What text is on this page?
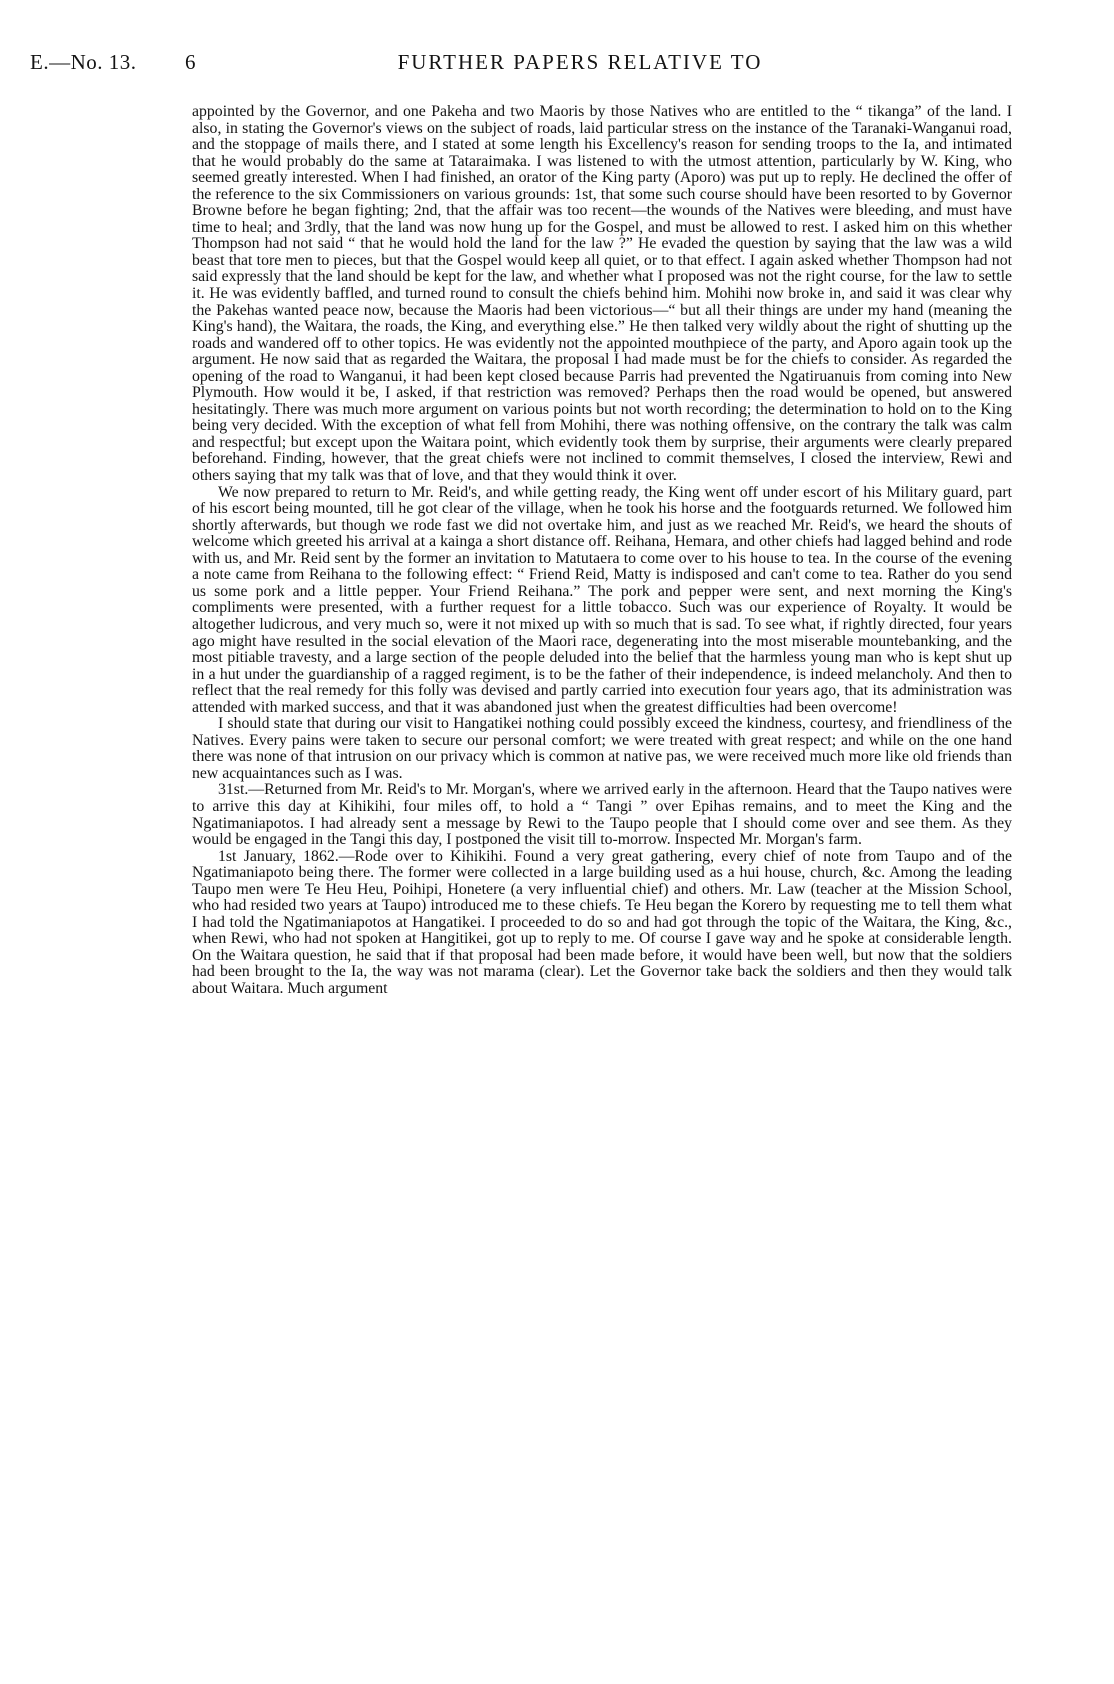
E.—No. 13. 6	FURTHER PAPERS RELATIVE TO

appointed by the Governor, and one Pakeha and two Maoris by those Natives who are entitled to the “ tikanga” of the land. I also, in stating the Governor's views on the subject of roads, laid particular stress on the instance of the Taranaki-Wanganui road, and the stoppage of mails there, and I stated at some length his Excellency's reason for sending troops to the Ia, and intimated that he would probably do the same at Tataraimaka. I was listened to with the utmost attention, particularly by W. King, who seemed greatly interested. When I had finished, an orator of the King party (Aporo) was put up to reply. He declined the offer of the reference to the six Commissioners on various grounds: 1st, that some such course should have been resorted to by Governor Browne before he began fighting; 2nd, that the affair was too recent—the wounds of the Natives were bleeding, and must have time to heal; and 3rdly, that the land was now hung up for the Gospel, and must be allowed to rest. I asked him on this whether Thompson had not said “ that he would hold the land for the law ?” He evaded the question by saying that the law was a wild beast that tore men to pieces, but that the Gospel would keep all quiet, or to that effect. I again asked whether Thompson had not said expressly that the land should be kept for the law, and whether what I proposed was not the right course, for the law to settle it. He was evidently baffled, and turned round to consult the chiefs behind him. Mohihi now broke in, and said it was clear why the Pakehas wanted peace now, because the Maoris had been victorious—“ but all their things are under my hand (meaning the King's hand), the Waitara, the roads, the King, and everything else.” He then talked very wildly about the right of shutting up the roads and wandered off to other topics. He was evidently not the appointed mouthpiece of the party, and Aporo again took up the argument. He now said that as regarded the Waitara, the proposal I had made must be for the chiefs to consider. As regarded the opening of the road to Wanganui, it had been kept closed because Parris had prevented the Ngatiruanuis from coming into New Plymouth. How would it be, I asked, if that restriction was removed? Perhaps then the road would be opened, but answered hesitatingly. There was much more argument on various points but not worth recording; the determination to hold on to the King being very decided. With the exception of what fell from Mohihi, there was nothing offensive, on the contrary the talk was calm and respectful; but except upon the Waitara point, which evidently took them by surprise, their arguments were clearly prepared beforehand. Finding, however, that the great chiefs were not inclined to commit themselves, I closed the interview, Rewi and others saying that my talk was that of love, and that they would think it over.

We now prepared to return to Mr. Reid's, and while getting ready, the King went off under escort of his Military guard, part of his escort being mounted, till he got clear of the village, when he took his horse and the footguards returned. We followed him shortly afterwards, but though we rode fast we did not overtake him, and just as we reached Mr. Reid's, we heard the shouts of welcome which greeted his arrival at a kainga a short distance off. Reihana, Hemara, and other chiefs had lagged behind and rode with us, and Mr. Reid sent by the former an invitation to Matutaera to come over to his house to tea. In the course of the evening a note came from Reihana to the following effect: “ Friend Reid, Matty is indisposed and can't come to tea. Rather do you send us some pork and a little pepper. Your Friend Reihana.” The pork and pepper were sent, and next morning the King's compliments were presented, with a further request for a little tobacco. Such was our experience of Royalty. It would be altogether ludicrous, and very much so, were it not mixed up with so much that is sad. To see what, if rightly directed, four years ago might have resulted in the social elevation of the Maori race, degenerating into the most miserable mountebanking, and the most pitiable travesty, and a large section of the people deluded into the belief that the harmless young man who is kept shut up in a hut under the guardianship of a ragged regiment, is to be the father of their independence, is indeed melancholy. And then to reflect that the real remedy for this folly was devised and partly carried into execution four years ago, that its administration was attended with marked success, and that it was abandoned just when the greatest difficulties had been overcome!

I should state that during our visit to Hangatikei nothing could possibly exceed the kindness, courtesy, and friendliness of the Natives. Every pains were taken to secure our personal comfort; we were treated with great respect; and while on the one hand there was none of that intrusion on our privacy which is common at native pas, we were received much more like old friends than new acquaintances such as I was.

31st.—Returned from Mr. Reid's to Mr. Morgan's, where we arrived early in the afternoon. Heard that the Taupo natives were to arrive this day at Kihikihi, four miles off, to hold a “ Tangi ” over Epihas remains, and to meet the King and the Ngatimaniapotos. I had already sent a message by Rewi to the Taupo people that I should come over and see them. As they would be engaged in the Tangi this day, I postponed the visit till to-morrow. Inspected Mr. Morgan's farm.

1st January, 1862.—Rode over to Kihikihi. Found a very great gathering, every chief of note from Taupo and of the Ngatimaniapoto being there. The former were collected in a large building used as a hui house, church, &c. Among the leading Taupo men were Te Heu Heu, Poihipi, Honetere (a very influential chief) and others. Mr. Law (teacher at the Mission School, who had resided two years at Taupo) introduced me to these chiefs. Te Heu began the Korero by requesting me to tell them what I had told the Ngatimaniapotos at Hangatikei. I proceeded to do so and had got through the topic of the Waitara, the King, &c., when Rewi, who had not spoken at Hangitikei, got up to reply to me. Of course I gave way and he spoke at considerable length. On the Waitara question, he said that if that proposal had been made before, it would have been well, but now that the soldiers had been brought to the Ia, the way was not marama (clear). Let the Governor take back the soldiers and then they would talk about Waitara. Much argument
